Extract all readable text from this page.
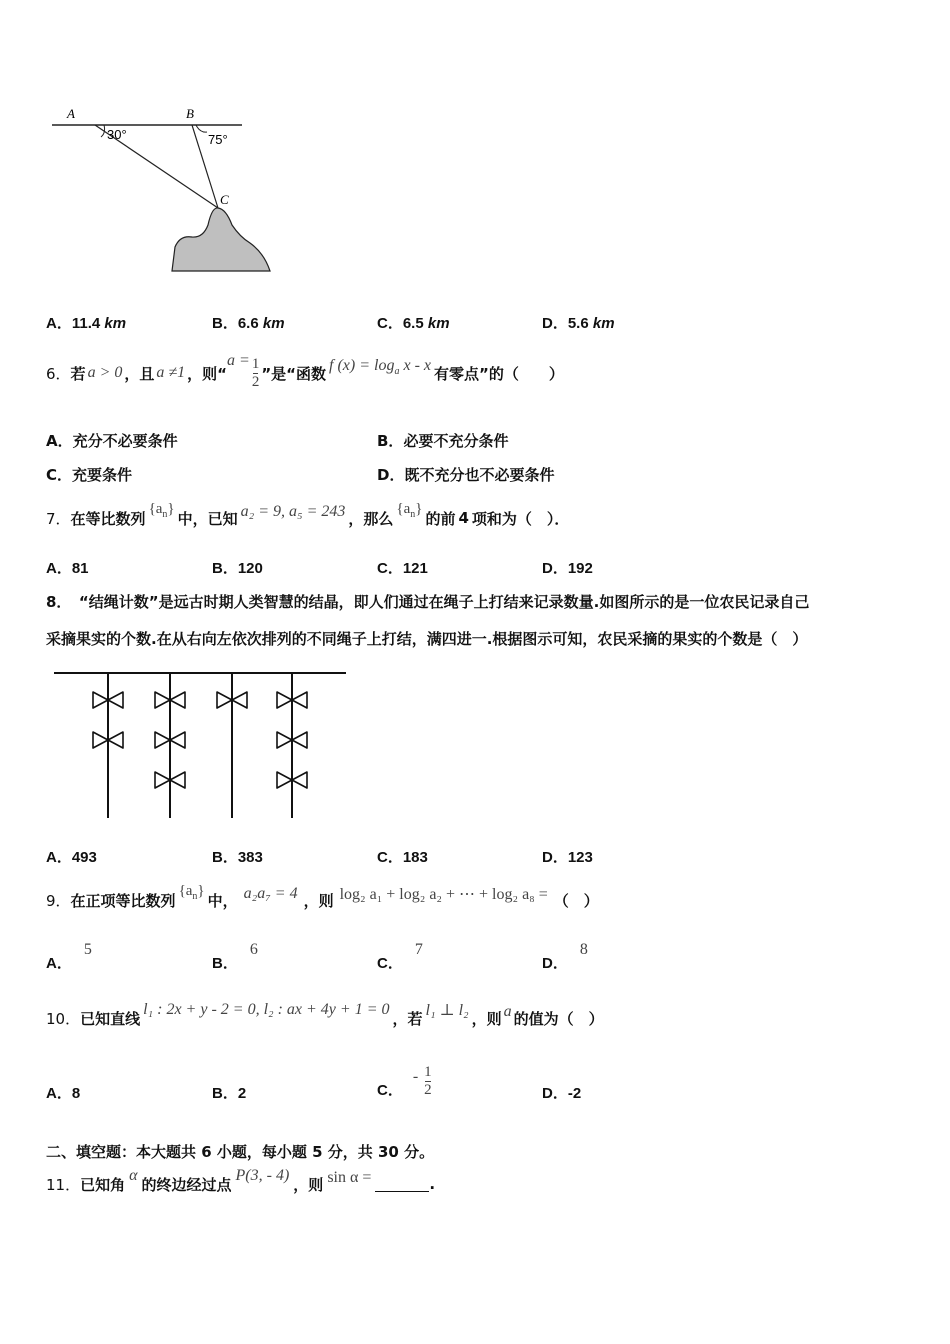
A	B
C
30°	75°
A．11.4 km	B．6.6 km	C．6.5 km	D．5.6 km
6． 若 a > 0 ，且 a ≠1 ，则“
$a = \frac{1}{2}$ ”是“函数 f $(x) = \log_a x - x$ 有零点”的（　　）
A．充分不必要条件	B．必要不充分条件
C．充要条件	D．既不充分也不必要条件
7． 在等比数列
$\{a_n\}$
中，已知 a₂ = 9, a₅ = 243 ，那么
$\{a_n\}$
的前 4 项和为（　）．
A．81	B．120	C．121	D．192
8．　“结绳计数”是远古时期人类智慧的结晶，即人们通过在绳子上打结来记录数量.如图所示的是一位农民记录自己
采摘果实的个数.在从右向左依次排列的不同绳子上打结，满四进一.根据图示可知，农民采摘的果实的个数是（　）
A．493	B．383	C．183	D．123
9． 在正项等比数列
$\{a_n\}$
中， a₂a₇ = 4 ，则 log₂ a₁ + log₂ a₂ + ⋯ + log₂ a₈ = （　）
A．5
B．6
C．7
D．8
10． 已知直线 l₁ : 2x + y - 2 = 0, l₂ : ax + 4y + 1 = 0 ，若 l₁ ⊥ l₂ ，则 a 的值为（　）
A．8	B．2	C．
- $\frac{1}{2}$	D．-2
二、填空题：本大题共 6 小题，每小题 5 分，共 30 分。
11． 已知角 α 的终边经过点 P(3, - 4) ，则 sin α =	.
